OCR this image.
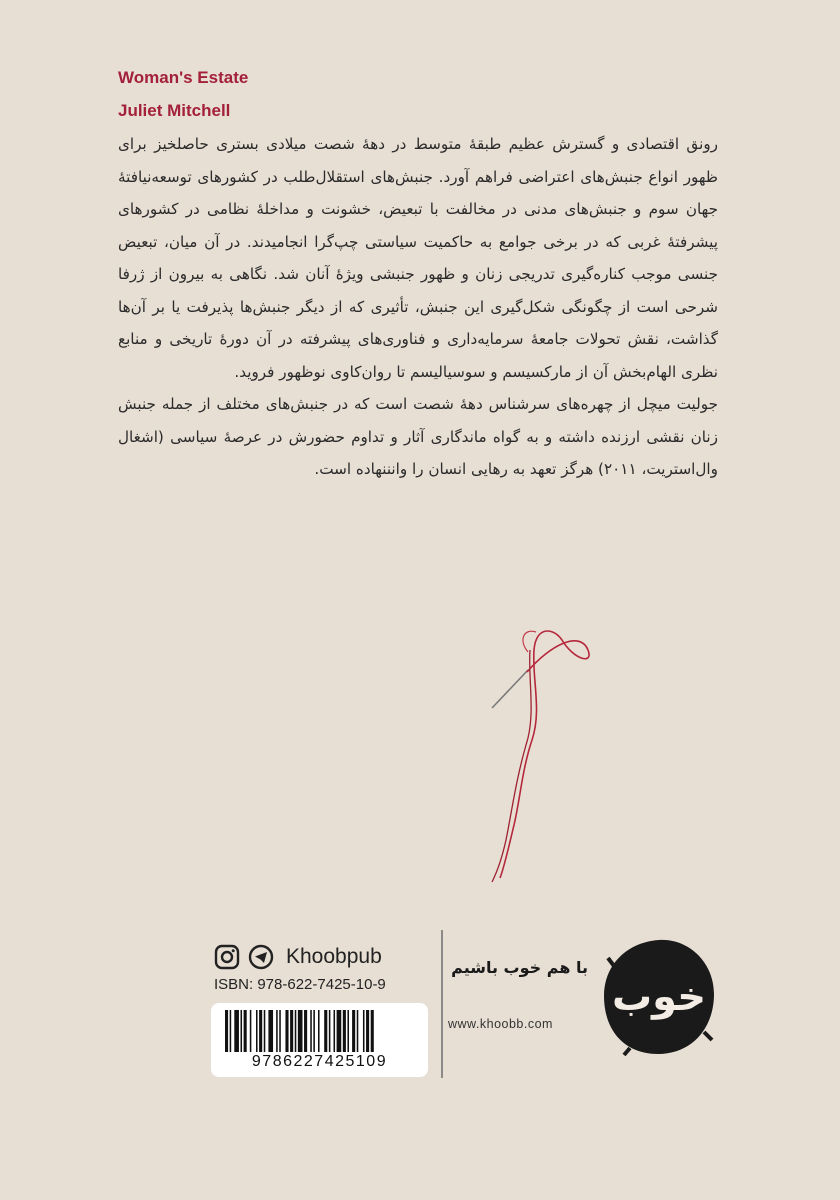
Woman's Estate
Juliet Mitchell

رونق اقتصادی و گسترش عظیم طبقهٔ متوسط در دههٔ شصت میلادی بستری حاصلخیز برای ظهور انواع جنبش‌های اعتراضی فراهم آورد. جنبش‌های استقلال‌طلب در کشورهای توسعه‌نیافتهٔ جهان سوم و جنبش‌های مدنی در مخالفت با تبعیض، خشونت و مداخلهٔ نظامی در کشورهای پیشرفتهٔ غربی که در برخی جوامع به حاکمیت سیاستی چپ‌گرا انجامیدند. در آن میان، تبعیض جنسی موجب کناره‌گیری تدریجی زنان و ظهور جنبشی ویژهٔ آنان شد. نگاهی به بیرون از ژرفا شرحی است از چگونگی شکل‌گیری این جنبش، تأثیری که از دیگر جنبش‌ها پذیرفت یا بر آن‌ها گذاشت، نقش تحولات جامعهٔ سرمایه‌داری و فناوری‌های پیشرفته در آن دورهٔ تاریخی و منابع نظری الهام‌بخش آن از مارکسیسم و سوسیالیسم تا روان‌کاوی نوظهور فروید.

جولیت میچل از چهره‌های سرشناس دههٔ شصت است که در جنبش‌های مختلف از جمله جنبش زنان نقشی ارزنده داشته و به گواه ماندگاری آثار و تداوم حضورش در عرصهٔ سیاسی (اشغال وال‌استریت، ۲۰۱۱) هرگز تعهد به رهایی انسان را وانننهاده است.

Khoobpub
ISBN: 978-622-7425-10-9
9786227425109
با هم خوب باشیم
www.khoobb.com
خوب
